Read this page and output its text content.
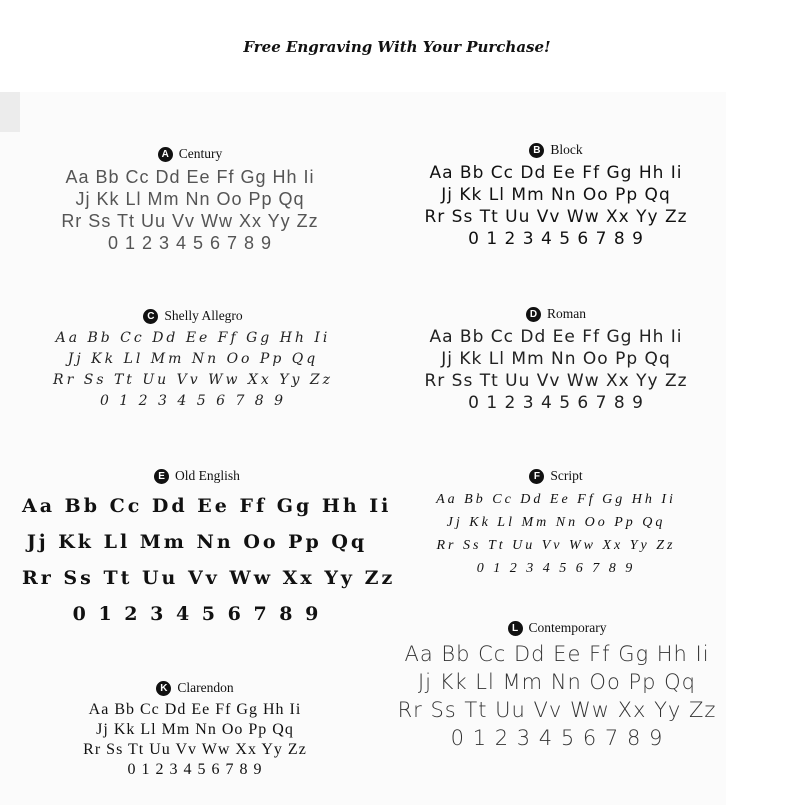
Free Engraving With Your Purchase!
A Century
Aa Bb Cc Dd Ee Ff Gg Hh Ii
Jj Kk Ll Mm Nn Oo Pp Qq
Rr Ss Tt Uu Vv Ww Xx Yy Zz
0 1 2 3 4 5 6 7 8 9
B Block
Aa Bb Cc Dd Ee Ff Gg Hh Ii
Jj Kk Ll Mm Nn Oo Pp Qq
Rr Ss Tt Uu Vv Ww Xx Yy Zz
0 1 2 3 4 5 6 7 8 9
C Shelly Allegro
Aa Bb Cc Dd Ee Ff Gg Hh Ii
Jj Kk Ll Mm Nn Oo Pp Qq
Rr Ss Tt Uu Vv Ww Xx Yy Zz
0 1 2 3 4 5 6 7 8 9
D Roman
Aa Bb Cc Dd Ee Ff Gg Hh Ii
Jj Kk Ll Mm Nn Oo Pp Qq
Rr Ss Tt Uu Vv Ww Xx Yy Zz
0 1 2 3 4 5 6 7 8 9
E Old English
Aa Bb Cc Dd Ee Ff Gg Hh Ii
Jj Kk Ll Mm Nn Oo Pp Qq
Rr Ss Tt Uu Vv Ww Xx Yy Zz
0 1 2 3 4 5 6 7 8 9
F Script
Aa Bb Cc Dd Ee Ff Gg Hh Ii
Jj Kk Ll Mm Nn Oo Pp Qq
Rr Ss Tt Uu Vv Ww Xx Yy Zz
0 1 2 3 4 5 6 7 8 9
K Clarendon
Aa Bb Cc Dd Ee Ff Gg Hh Ii
Jj Kk Ll Mm Nn Oo Pp Qq
Rr Ss Tt Uu Vv Ww Xx Yy Zz
0 1 2 3 4 5 6 7 8 9
L Contemporary
Aa Bb Cc Dd Ee Ff Gg Hh Ii
Jj Kk Ll Mm Nn Oo Pp Qq
Rr Ss Tt Uu Vv Ww Xx Yy Zz
0 1 2 3 4 5 6 7 8 9
